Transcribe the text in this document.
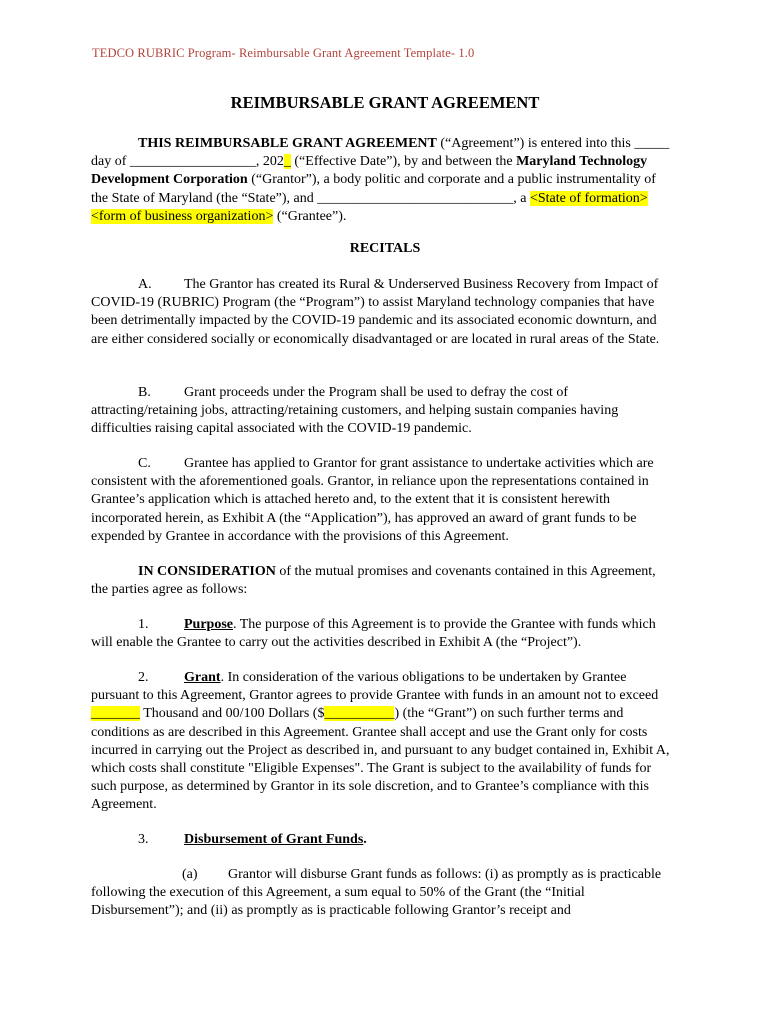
TEDCO RUBRIC Program- Reimbursable Grant Agreement Template- 1.0
REIMBURSABLE GRANT AGREEMENT

THIS REIMBURSABLE GRANT AGREEMENT (“Agreement”) is entered into this _____ day of __________________, 202_ (“Effective Date”), by and between the Maryland Technology Development Corporation (“Grantor”), a body politic and corporate and a public instrumentality of the State of Maryland (the “State”), and ____________________________, a <State of formation> <form of business organization> (“Grantee”).

RECITALS

A. The Grantor has created its Rural & Underserved Business Recovery from Impact of COVID-19 (RUBRIC) Program (the “Program”) to assist Maryland technology companies that have been detrimentally impacted by the COVID-19 pandemic and its associated economic downturn, and are either considered socially or economically disadvantaged or are located in rural areas of the State.

B. Grant proceeds under the Program shall be used to defray the cost of attracting/retaining jobs, attracting/retaining customers, and helping sustain companies having difficulties raising capital associated with the COVID-19 pandemic.

C. Grantee has applied to Grantor for grant assistance to undertake activities which are consistent with the aforementioned goals. Grantor, in reliance upon the representations contained in Grantee’s application which is attached hereto and, to the extent that it is consistent herewith incorporated herein, as Exhibit A (the “Application”), has approved an award of grant funds to be expended by Grantee in accordance with the provisions of this Agreement.

IN CONSIDERATION of the mutual promises and covenants contained in this Agreement, the parties agree as follows:

1.	Purpose. The purpose of this Agreement is to provide the Grantee with funds which will enable the Grantee to carry out the activities described in Exhibit A (the “Project”).

2.	Grant. In consideration of the various obligations to be undertaken by Grantee pursuant to this Agreement, Grantor agrees to provide Grantee with funds in an amount not to exceed _______ Thousand and 00/100 Dollars ($__________) (the “Grant”) on such further terms and conditions as are described in this Agreement. Grantee shall accept and use the Grant only for costs incurred in carrying out the Project as described in, and pursuant to any budget contained in, Exhibit A, which costs shall constitute "Eligible Expenses". The Grant is subject to the availability of funds for such purpose, as determined by Grantor in its sole discretion, and to Grantee’s compliance with this Agreement.

3.	Disbursement of Grant Funds.

(a) Grantor will disburse Grant funds as follows: (i) as promptly as is practicable following the execution of this Agreement, a sum equal to 50% of the Grant (the “Initial Disbursement”); and (ii) as promptly as is practicable following Grantor’s receipt and
